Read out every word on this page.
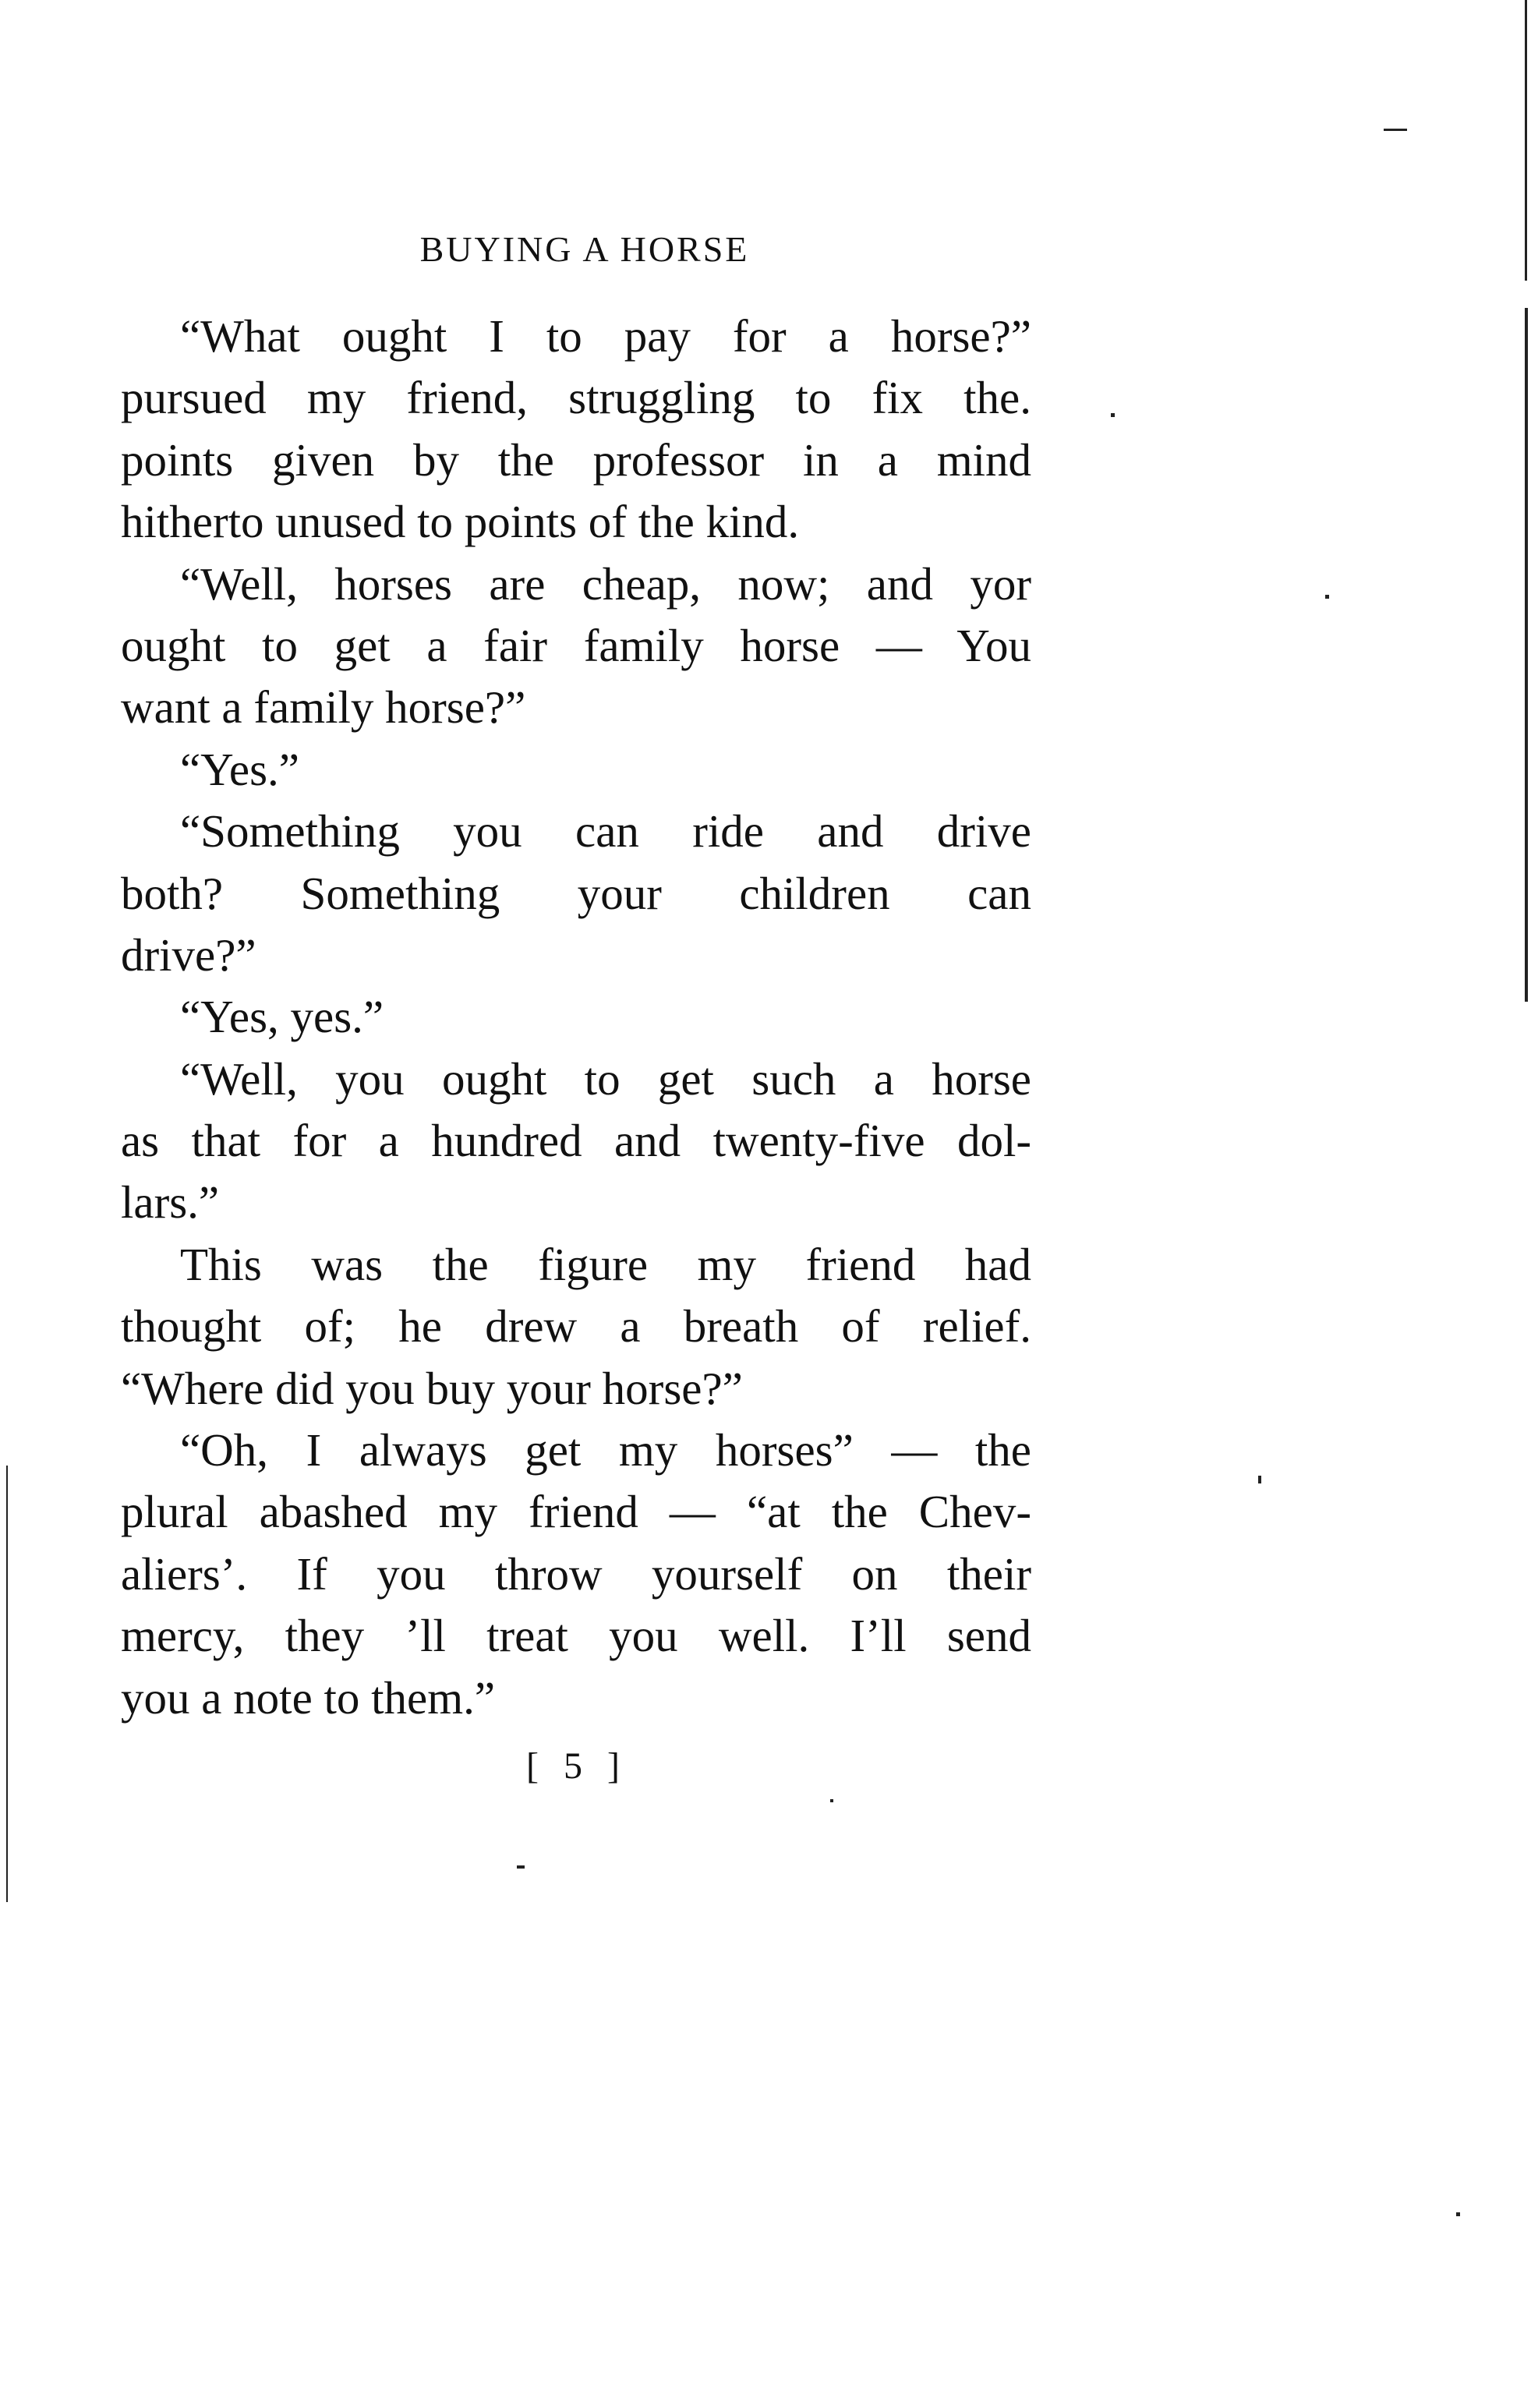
BUYING A HORSE
“What ought I to pay for a horse?”
pursued my friend, struggling to fix the.
points given by the professor in a mind
hitherto unused to points of the kind.
“Well, horses are cheap, now; and yor
ought to get a fair family horse — You
want a family horse?”
“Yes.”
“Something you can ride and drive
both? Something your children can
drive?”
“Yes, yes.”
“Well, you ought to get such a horse
as that for a hundred and twenty-five dol-
lars.”
This was the figure my friend had
thought of; he drew a breath of relief.
“Where did you buy your horse?”
“Oh, I always get my horses” — the
plural abashed my friend — “at the Chev-
aliers’. If you throw yourself on their
mercy, they ’ll treat you well. I’ll send
you a note to them.”
[ 5 ]
